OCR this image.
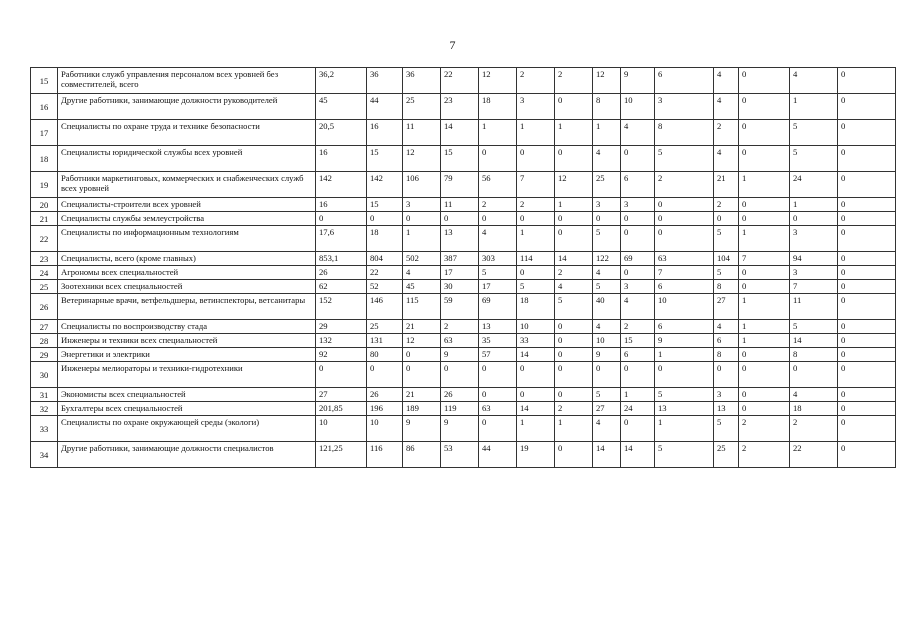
7
15	Работники служб управления персоналом всех уровней без совместителей, всего	36,2	36	36	22	12	2	2	12	9	6	4	0	4	0
16	Другие работники, занимающие должности руководителей	45	44	25	23	18	3	0	8	10	3	4	0	1	0
17	Специалисты по охране труда и технике безопасности	20,5	16	11	14	1	1	1	1	4	8	2	0	5	0
18	Специалисты юридической службы всех уровней	16	15	12	15	0	0	0	4	0	5	4	0	5	0
19	Работники маркетинговых, коммерческих и снабженческих служб всех уровней	142	142	106	79	56	7	12	25	6	2	21	1	24	0
20	Специалисты-строители всех уровней	16	15	3	11	2	2	1	3	3	0	2	0	1	0
21	Специалисты службы землеустройства	0	0	0	0	0	0	0	0	0	0	0	0	0	0
22	Специалисты по информационным технологиям	17,6	18	1	13	4	1	0	5	0	0	5	1	3	0
23	Специалисты, всего (кроме главных)	853,1	804	502	387	303	114	14	122	69	63	104	7	94	0
24	Агрономы всех специальностей	26	22	4	17	5	0	2	4	0	7	5	0	3	0
25	Зоотехники всех специальностей	62	52	45	30	17	5	4	5	3	6	8	0	7	0
26	Ветеринарные врачи, ветфельдшеры, ветинспекторы, ветсанитары	152	146	115	59	69	18	5	40	4	10	27	1	11	0
27	Специалисты по воспроизводству стада	29	25	21	2	13	10	0	4	2	6	4	1	5	0
28	Инженеры и техники всех специальностей	132	131	12	63	35	33	0	10	15	9	6	1	14	0
29	Энергетики и электрики	92	80	0	9	57	14	0	9	6	1	8	0	8	0
30	Инженеры мелиораторы и техники-гидротехники	0	0	0	0	0	0	0	0	0	0	0	0	0	0
31	Экономисты всех специальностей	27	26	21	26	0	0	0	5	1	5	3	0	4	0
32	Бухгалтеры всех специальностей	201,85	196	189	119	63	14	2	27	24	13	13	0	18	0
33	Специалисты по охране окружающей среды (экологи)	10	10	9	9	0	1	1	4	0	1	5	2	2	0
34	Другие работники, занимающие должности специалистов	121,25	116	86	53	44	19	0	14	14	5	25	2	22	0
